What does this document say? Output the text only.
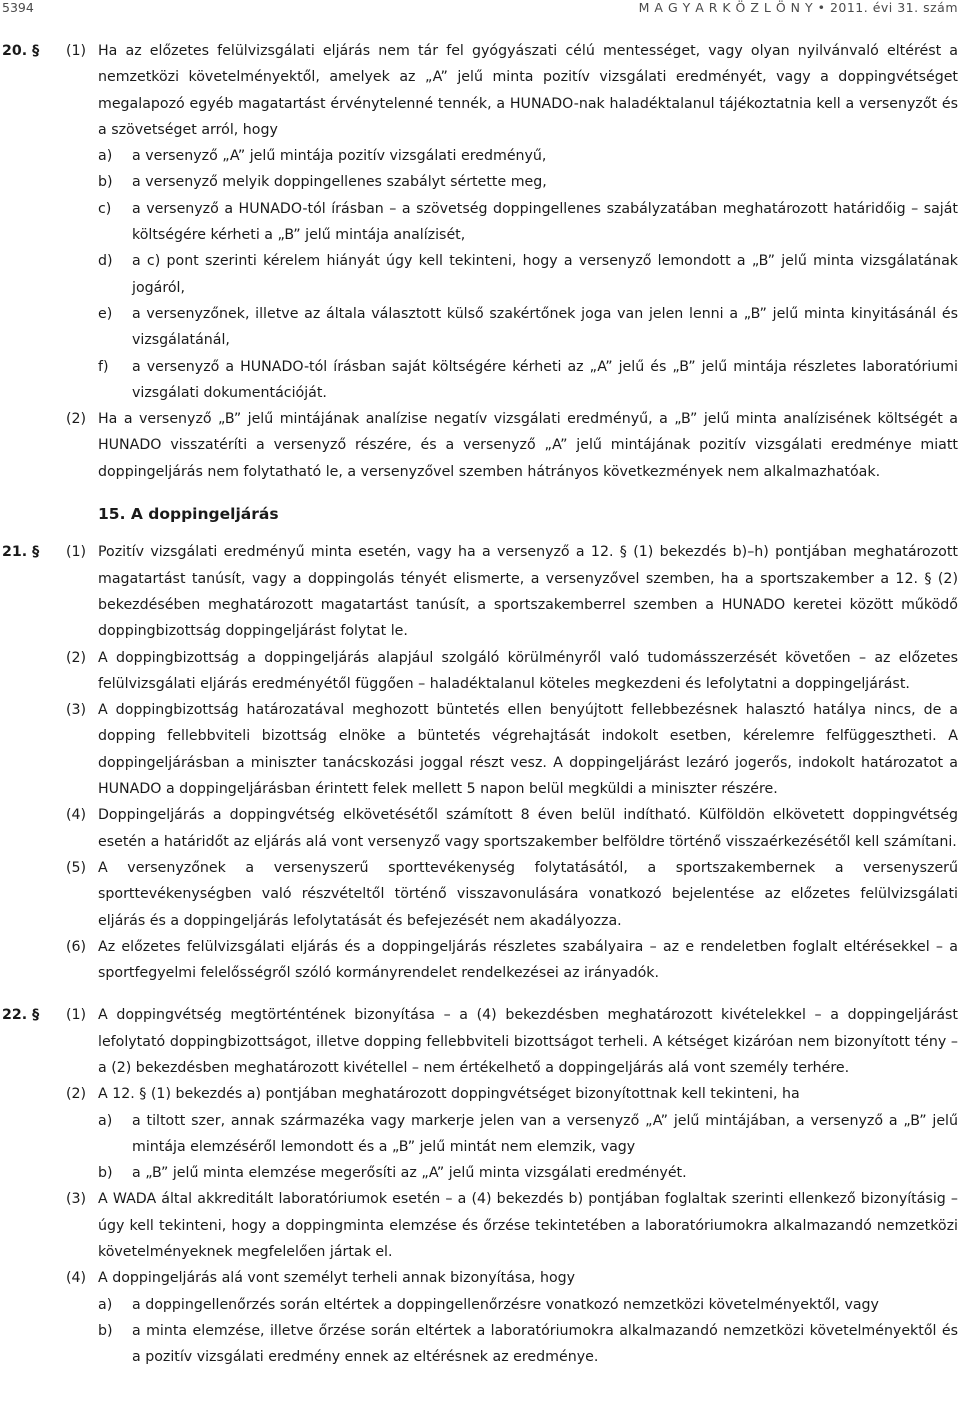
5394	M A G Y A R K Ö Z L Ö N Y • 2011. évi 31. szám
20. §	(1) Ha az előzetes felülvizsgálati eljárás nem tár fel gyógyászati célú mentességet, vagy olyan nyilvánvaló eltérést a nemzetközi követelményektől, amelyek az „A” jelű minta pozitív vizsgálati eredményét, vagy a doppingvétséget megalapozó egyéb magatartást érvénytelenné tennék, a HUNADO-nak haladéktalanul tájékoztatnia kell a versenyzőt és a szövetséget arról, hogy
a)	a versenyző „A” jelű mintája pozitív vizsgálati eredményű,
b)	a versenyző melyik doppingellenes szabályt sértette meg,
c)	a versenyző a HUNADO-tól írásban – a szövetség doppingellenes szabályzatában meghatározott határidőig – saját költségére kérheti a „B” jelű mintája analízisét,
d)	a c) pont szerinti kérelem hiányát úgy kell tekinteni, hogy a versenyző lemondott a „B” jelű minta vizsgálatának jogáról,
e)	a versenyzőnek, illetve az általa választott külső szakértőnek joga van jelen lenni a „B” jelű minta kinyitásánál és vizsgálatánál,
f)	a versenyző a HUNADO-tól írásban saját költségére kérheti az „A” jelű és „B” jelű mintája részletes laboratóriumi vizsgálati dokumentációját.
(2) Ha a versenyző „B” jelű mintájának analízise negatív vizsgálati eredményű, a „B” jelű minta analízisének költségét a HUNADO visszatéríti a versenyző részére, és a versenyző „A” jelű mintájának pozitív vizsgálati eredménye miatt doppingeljárás nem folytatható le, a versenyzővel szemben hátrányos következmények nem alkalmazhatóak.
15. A doppingeljárás
21. §	(1) Pozitív vizsgálati eredményű minta esetén, vagy ha a versenyző a 12. § (1) bekezdés b)–h) pontjában meghatározott magatartást tanúsít, vagy a doppingolás tényét elismerte, a versenyzővel szemben, ha a sportszakember a 12. § (2) bekezdésében meghatározott magatartást tanúsít, a sportszakemberrel szemben a HUNADO keretei között működő doppingbizottság doppingeljárást folytat le.
(2) A doppingbizottság a doppingeljárás alapjául szolgáló körülményről való tudomásszerzését követően – az előzetes felülvizsgálati eljárás eredményétől függően – haladéktalanul köteles megkezdeni és lefolytatni a doppingeljárást.
(3) A doppingbizottság határozatával meghozott büntetés ellen benyújtott fellebbezésnek halasztó hatálya nincs, de a dopping fellebbviteli bizottság elnöke a büntetés végrehajtását indokolt esetben, kérelemre felfüggesztheti. A doppingeljárásban a miniszter tanácskozási joggal részt vesz. A doppingeljárást lezáró jogerős, indokolt határozatot a HUNADO a doppingeljárásban érintett felek mellett 5 napon belül megküldi a miniszter részére.
(4) Doppingeljárás a doppingvétség elkövetésétől számított 8 éven belül indítható. Külföldön elkövetett doppingvétség esetén a határidőt az eljárás alá vont versenyző vagy sportszakember belföldre történő visszaérkezésétől kell számítani.
(5) A versenyzőnek a versenyszerű sporttevékenység folytatásától, a sportszakembernek a versenyszerű sporttevékenységben való részvételtől történő visszavonulására vonatkozó bejelentése az előzetes felülvizsgálati eljárás és a doppingeljárás lefolytatását és befejezését nem akadályozza.
(6) Az előzetes felülvizsgálati eljárás és a doppingeljárás részletes szabályaira – az e rendeletben foglalt eltérésekkel – a sportfegyelmi felelősségről szóló kormányrendelet rendelkezései az irányadók.
22. §	(1) A doppingvétség megtörténtének bizonyítása – a (4) bekezdésben meghatározott kivételekkel – a doppingeljárást lefolytató doppingbizottságot, illetve dopping fellebbviteli bizottságot terheli. A kétséget kizáróan nem bizonyított tény – a (2) bekezdésben meghatározott kivétellel – nem értékelhető a doppingeljárás alá vont személy terhére.
(2) A 12. § (1) bekezdés a) pontjában meghatározott doppingvétséget bizonyítottnak kell tekinteni, ha
a)	a tiltott szer, annak származéka vagy markerje jelen van a versenyző „A” jelű mintájában, a versenyző a „B” jelű mintája elemzéséről lemondott és a „B” jelű mintát nem elemzik, vagy
b)	a „B” jelű minta elemzése megerősíti az „A” jelű minta vizsgálati eredményét.
(3) A WADA által akkreditált laboratóriumok esetén – a (4) bekezdés b) pontjában foglaltak szerinti ellenkező bizonyításig – úgy kell tekinteni, hogy a doppingminta elemzése és őrzése tekintetében a laboratóriumokra alkalmazandó nemzetközi követelményeknek megfelelően jártak el.
(4) A doppingeljárás alá vont személyt terheli annak bizonyítása, hogy
a)	a doppingellenőrzés során eltértek a doppingellenőrzésre vonatkozó nemzetközi követelményektől, vagy
b)	a minta elemzése, illetve őrzése során eltértek a laboratóriumokra alkalmazandó nemzetközi követelményektől és a pozitív vizsgálati eredmény ennek az eltérésnek az eredménye.
